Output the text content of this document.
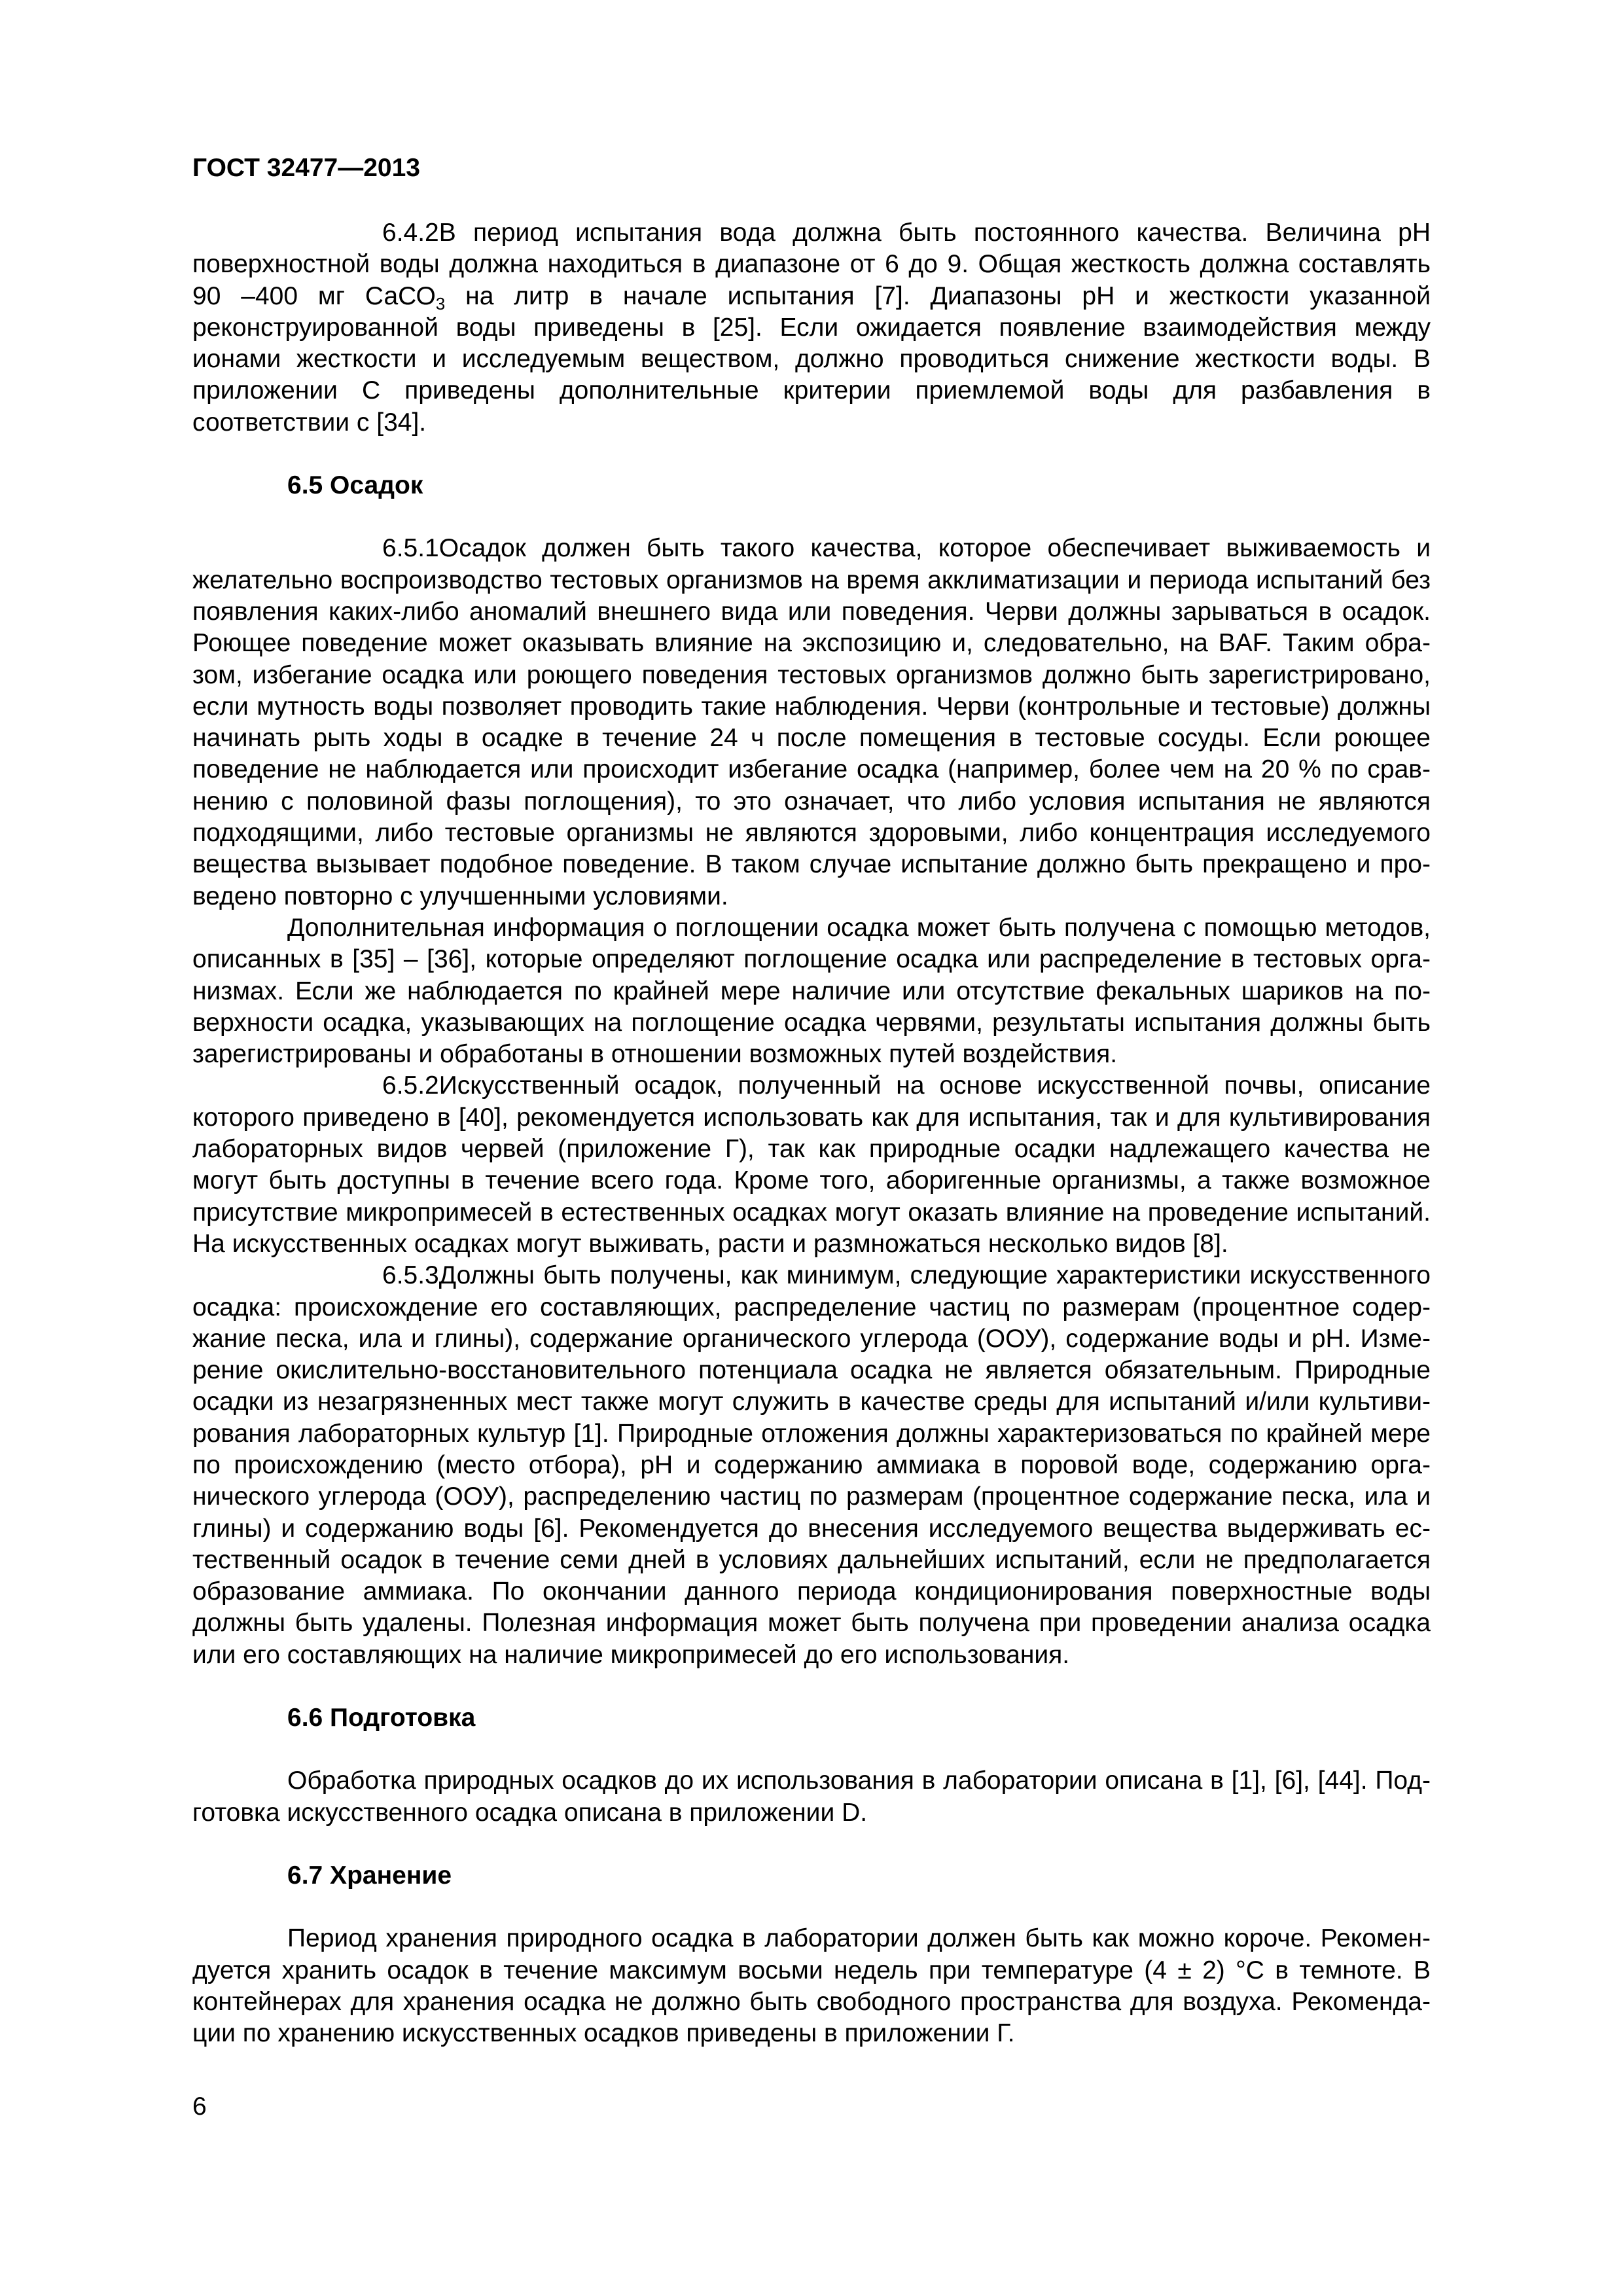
ГОСТ 32477—2013

6.4.2В период испытания вода должна быть постоянного качества. Величина pH поверхностной воды должна находиться в диапазоне от 6 до 9. Общая жесткость должна составлять 90 –400 мг СаСО$_3$ на литр в начале испытания [7]. Диапазоны pH и жесткости указанной реконструированной воды приведены в [25]. Если ожидается появление взаимодействия между ионами жесткости и исследуемым веществом, должно проводиться снижение жесткости воды. В приложении С приведены дополнительные критерии приемлемой воды для разбавления в соответствии с [34].

6.5 Осадок

6.5.1Осадок должен быть такого качества, которое обеспечивает выживаемость и желательно воспроизводство тестовых организмов на время акклиматизации и периода испытаний без появления каких-либо аномалий внешнего вида или поведения. Черви должны зарываться в осадок. Роющее поведение может оказывать влияние на экспозицию и, следовательно, на BAF. Таким образом, избегание осадка или роющего поведения тестовых организмов должно быть зарегистрировано, если мутность воды позволяет проводить такие наблюдения. Черви (контрольные и тестовые) должны начинать рыть ходы в осадке в течение 24 ч после помещения в тестовые сосуды. Если роющее поведение не наблюдается или происходит избегание осадка (например, более чем на 20 % по сравнению с половиной фазы поглощения), то это означает, что либо условия испытания не являются подходящими, либо тестовые организмы не являются здоровыми, либо концентрация исследуемого вещества вызывает подобное поведение. В таком случае испытание должно быть прекращено и проведено повторно с улучшенными условиями.

Дополнительная информация о поглощении осадка может быть получена с помощью методов, описанных в [35] – [36], которые определяют поглощение осадка или распределение в тестовых организмах. Если же наблюдается по крайней мере наличие или отсутствие фекальных шариков на поверхности осадка, указывающих на поглощение осадка червями, результаты испытания должны быть зарегистрированы и обработаны в отношении возможных путей воздействия.

6.5.2Искусственный осадок, полученный на основе искусственной почвы, описание которого приведено в [40], рекомендуется использовать как для испытания, так и для культивирования лабораторных видов червей (приложение Г), так как природные осадки надлежащего качества не могут быть доступны в течение всего года. Кроме того, аборигенные организмы, а также возможное присутствие микропримесей в естественных осадках могут оказать влияние на проведение испытаний. На искусственных осадках могут выживать, расти и размножаться несколько видов [8].

6.5.3Должны быть получены, как минимум, следующие характеристики искусственного осадка: происхождение его составляющих, распределение частиц по размерам (процентное содержание песка, ила и глины), содержание органического углерода (ООУ), содержание воды и pH. Измерение окислительно-восстановительного потенциала осадка не является обязательным. Природные осадки из незагрязненных мест также могут служить в качестве среды для испытаний и/или культивирования лабораторных культур [1]. Природные отложения должны характеризоваться по крайней мере по происхождению (место отбора), pH и содержанию аммиака в поровой воде, содержанию органического углерода (ООУ), распределению частиц по размерам (процентное содержание песка, ила и глины) и содержанию воды [6]. Рекомендуется до внесения исследуемого вещества выдерживать естественный осадок в течение семи дней в условиях дальнейших испытаний, если не предполагается образование аммиака. По окончании данного периода кондиционирования поверхностные воды должны быть удалены. Полезная информация может быть получена при проведении анализа осадка или его составляющих на наличие микропримесей до его использования.

6.6 Подготовка

Обработка природных осадков до их использования в лаборатории описана в [1], [6], [44]. Подготовка искусственного осадка описана в приложении D.

6.7 Хранение

Период хранения природного осадка в лаборатории должен быть как можно короче. Рекомендуется хранить осадок в течение максимум восьми недель при температуре (4 ± 2) °С в темноте. В контейнерах для хранения осадка не должно быть свободного пространства для воздуха. Рекомендации по хранению искусственных осадков приведены в приложении Г.

6
